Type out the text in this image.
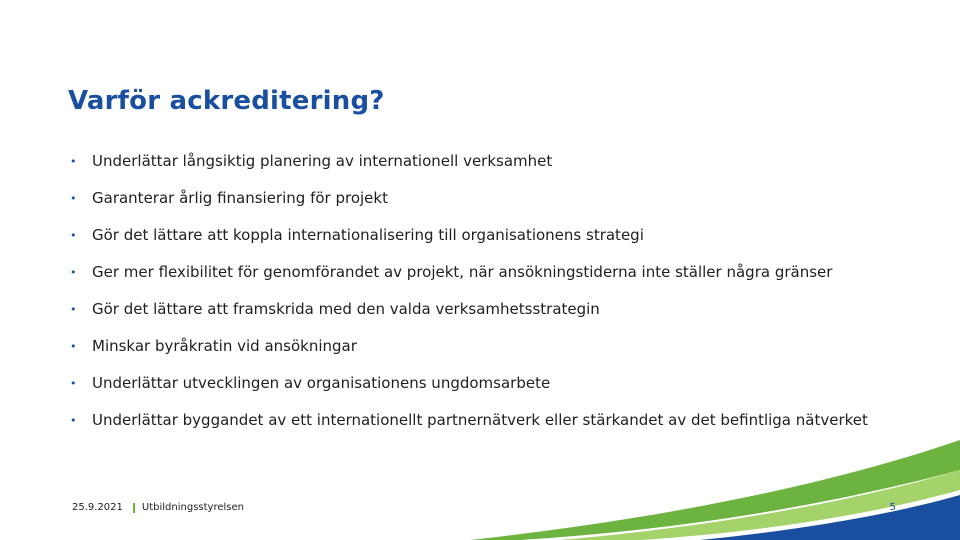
Varför ackreditering?
• Underlättar långsiktig planering av internationell verksamhet
• Garanterar årlig finansiering för projekt
• Gör det lättare att koppla internationalisering till organisationens strategi
• Ger mer flexibilitet för genomförandet av projekt, när ansökningstiderna inte ställer några gränser
• Gör det lättare att framskrida med den valda verksamhetsstrategin
• Minskar byråkratin vid ansökningar
• Underlättar utvecklingen av organisationens ungdomsarbete
• Underlättar byggandet av ett internationellt partnernätverk eller stärkandet av det befintliga nätverket
25.9.2021 Utbildningsstyrelsen	5
